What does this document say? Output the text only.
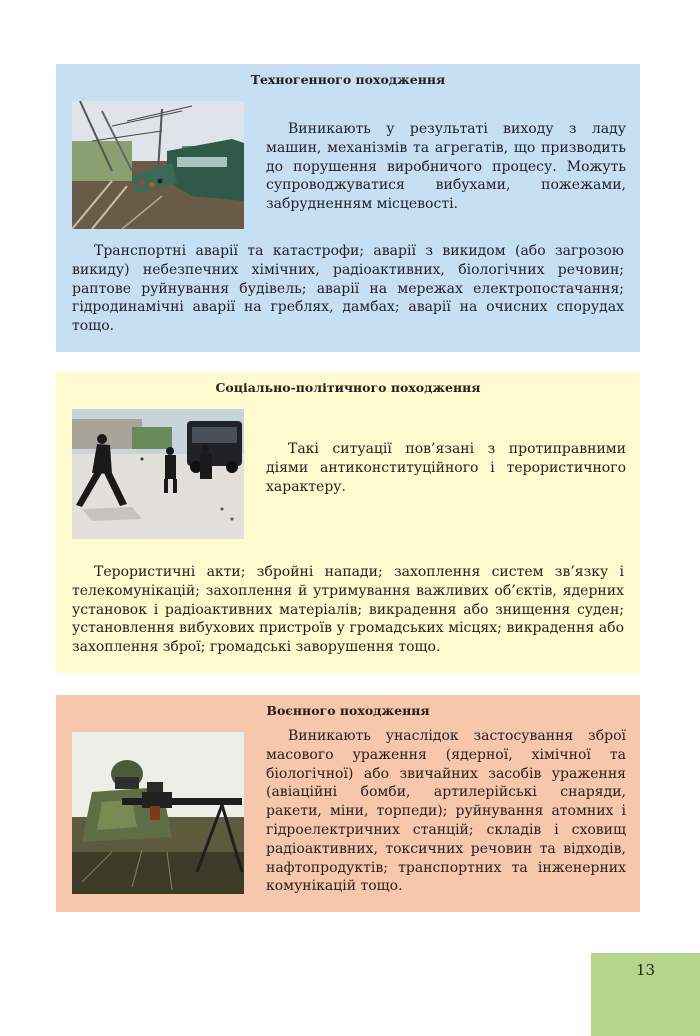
Техногенного походження

Виникають у результаті виходу з ладу машин, механізмів та агрегатів, що призводить до порушення виробничого процесу. Можуть супроводжуватися вибухами, пожежами, забрудненням місцевості.

Транспортні аварії та катастрофи; аварії з викидом (або загрозою викиду) небезпечних хімічних, радіоактивних, біологічних речовин; раптове руйнування будівель; аварії на мережах електропостачання; гідродинамічні аварії на греблях, дамбах; аварії на очисних спорудах тощо.

Соціально-політичного походження

Такі ситуації пов’язані з протиправними діями антиконституційного і терористичного характеру.

Терористичні акти; збройні напади; захоплення систем зв’язку і телекомунікацій; захоплення й утримування важливих об’єктів, ядерних установок і радіоактивних матеріалів; викрадення або знищення суден; установлення вибухових пристроїв у громадських місцях; викрадення або захоплення зброї; громадські заворушення тощо.

Воєнного походження

Виникають унаслідок застосування зброї масового ураження (ядерної, хімічної та біологічної) або звичайних засобів ураження (авіаційні бомби, артилерійські снаряди, ракети, міни, торпеди); руйнування атомних і гідроелектричних станцій; складів і сховищ радіоактивних, токсичних речовин та відходів, нафтопродуктів; транспортних та інженерних комунікацій тощо.

13
